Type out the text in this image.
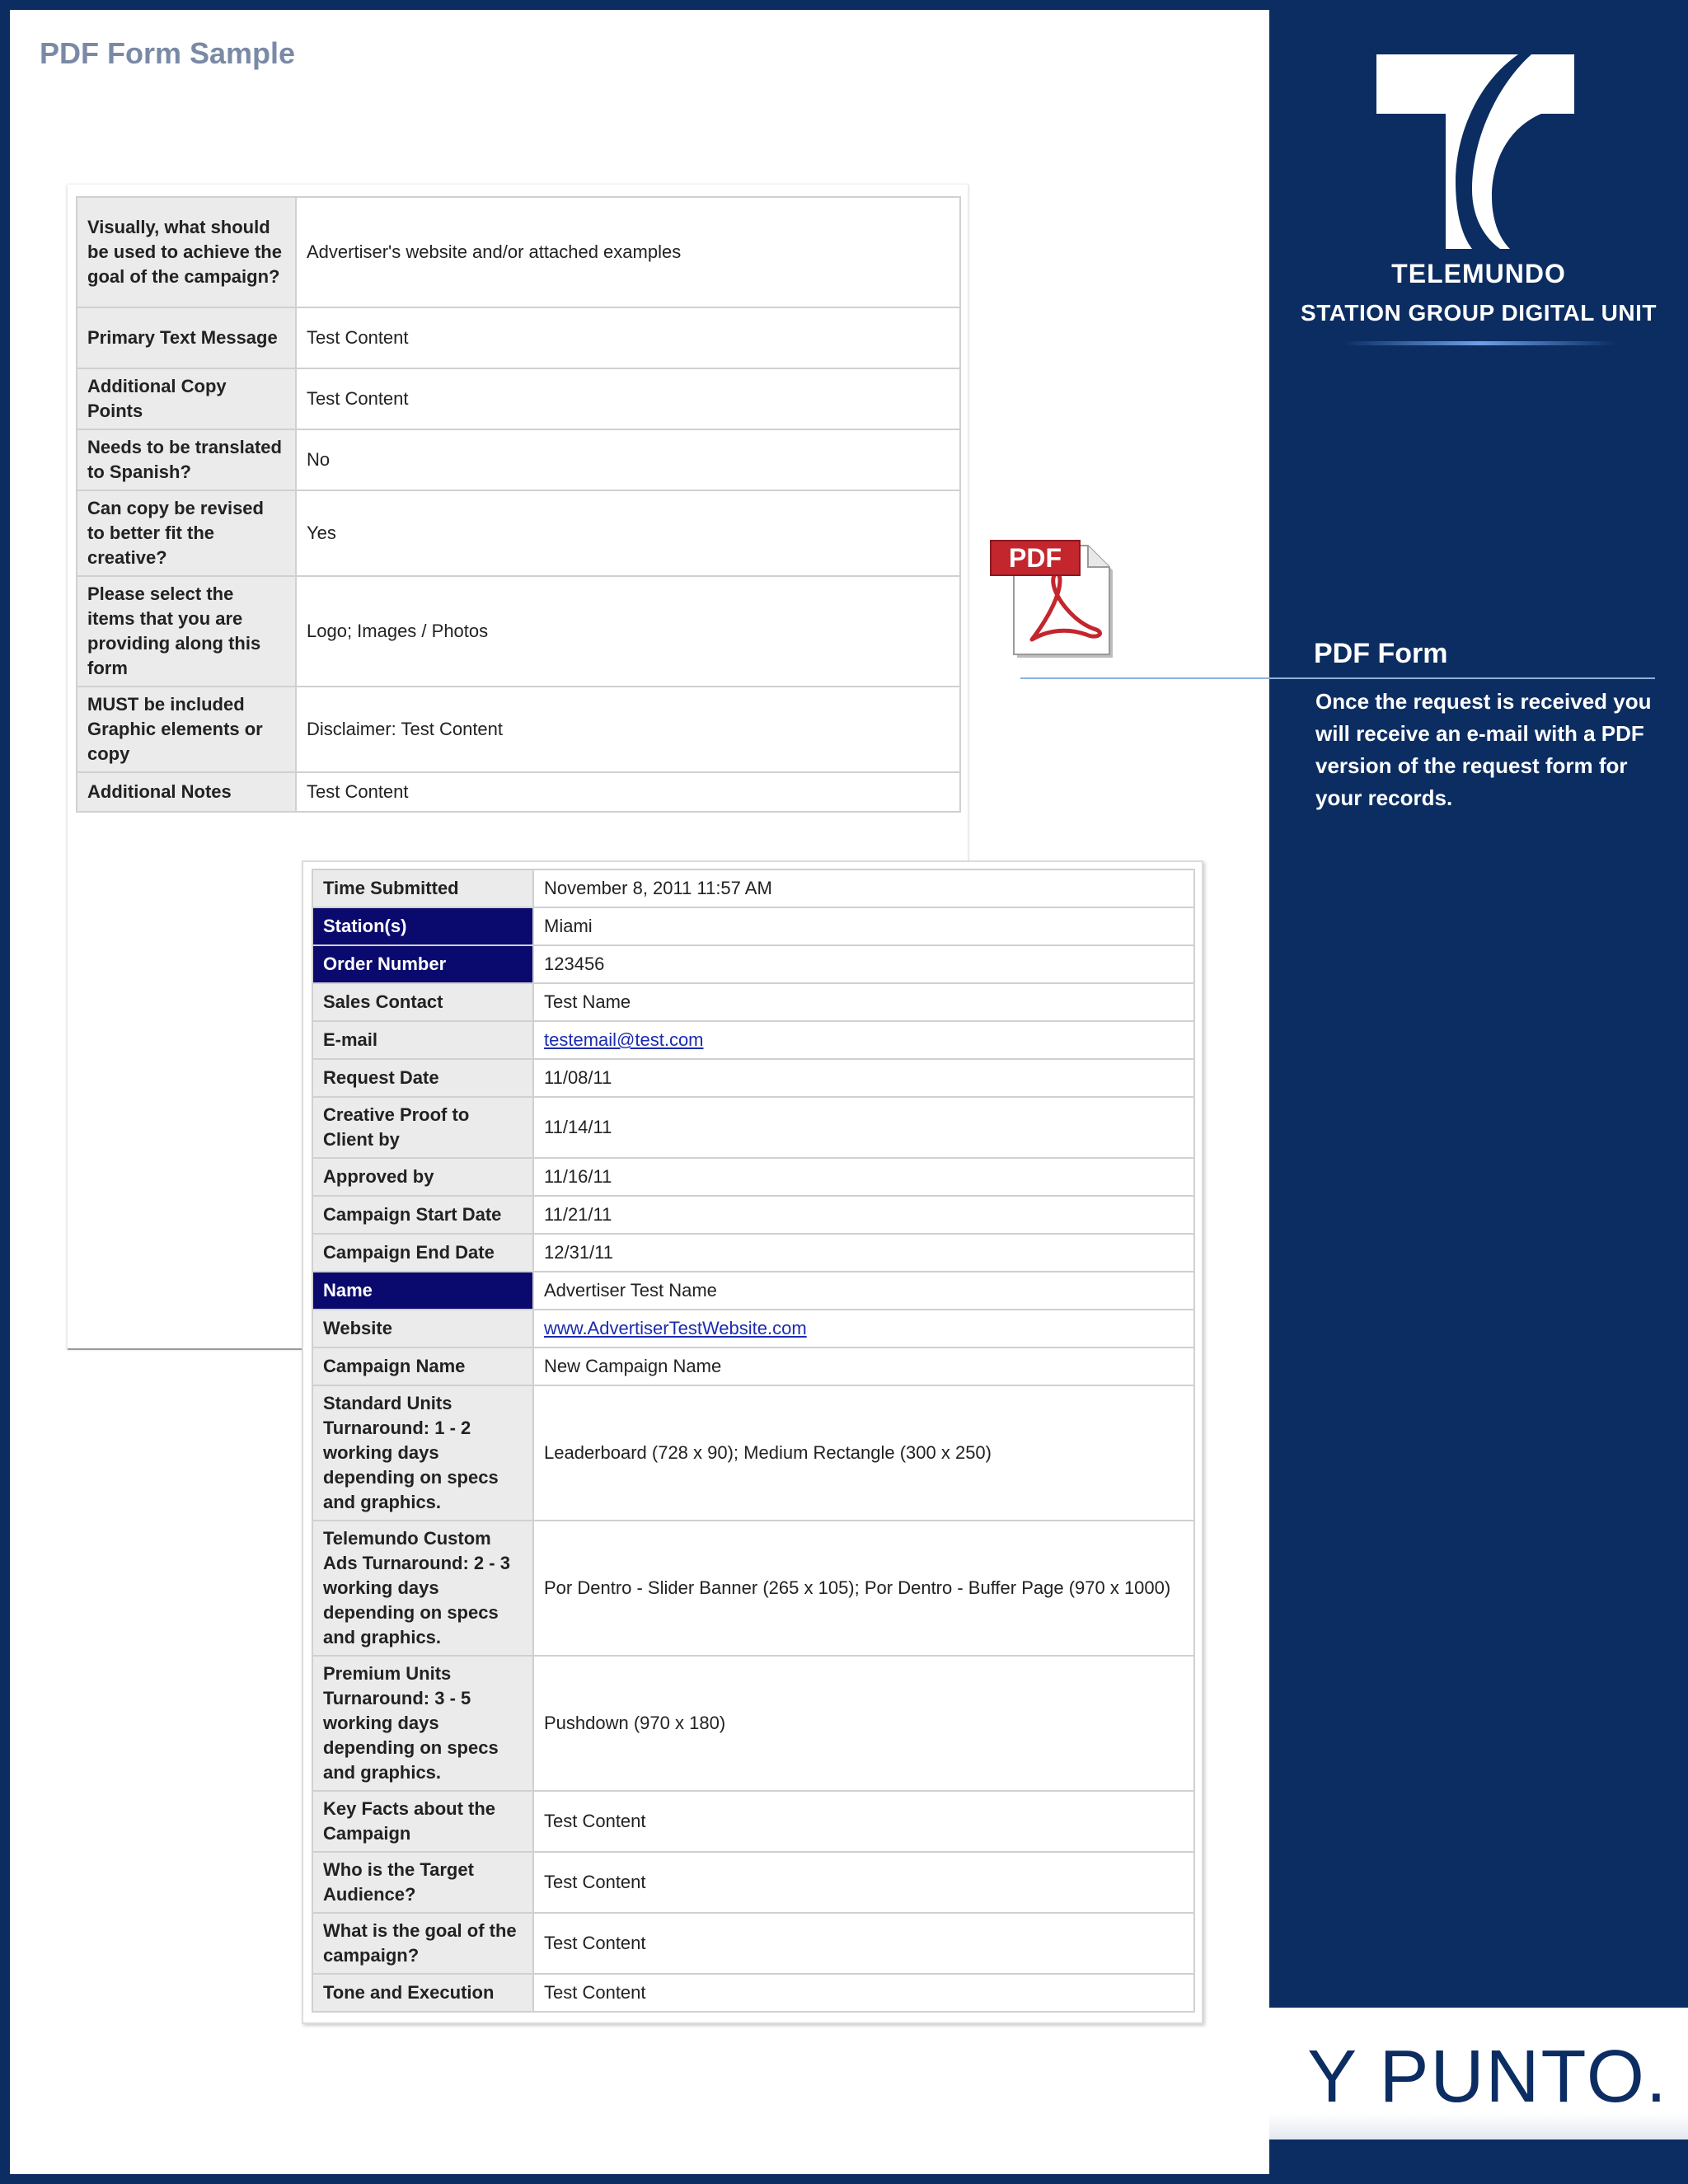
PDF Form Sample
Visually, what should be used to achieve the goal of the campaign?	Advertiser's website and/or attached examples
Primary Text Message	Test Content
Additional Copy Points	Test Content
Needs to be translated to Spanish?	No
Can copy be revised to better fit the creative?	Yes
Please select the items that you are providing along this form	Logo; Images / Photos
MUST be included Graphic elements or copy	Disclaimer: Test Content
Additional Notes	Test Content
Time Submitted	November 8, 2011 11:57 AM
Station(s)	Miami
Order Number	123456
Sales Contact	Test Name
E-mail	testemail@test.com
Request Date	11/08/11
Creative Proof to Client by	11/14/11
Approved by	11/16/11
Campaign Start Date	11/21/11
Campaign End Date	12/31/11
Name	Advertiser Test Name
Website	www.AdvertiserTestWebsite.com
Campaign Name	New Campaign Name
Standard Units Turnaround: 1 - 2 working days depending on specs and graphics.	Leaderboard (728 x 90); Medium Rectangle (300 x 250)
Telemundo Custom Ads Turnaround: 2 - 3 working days depending on specs and graphics.	Por Dentro - Slider Banner (265 x 105); Por Dentro - Buffer Page (970 x 1000)
Premium Units Turnaround: 3 - 5 working days depending on specs and graphics.	Pushdown (970 x 180)
Key Facts about the Campaign	Test Content
Who is the Target Audience?	Test Content
What is the goal of the campaign?	Test Content
Tone and Execution	Test Content
PDF
TELEMUNDO
STATION GROUP DIGITAL UNIT
PDF Form

Once the request is received you will receive an e-mail with a PDF version of the request form for your records.

Y PUNTO.
